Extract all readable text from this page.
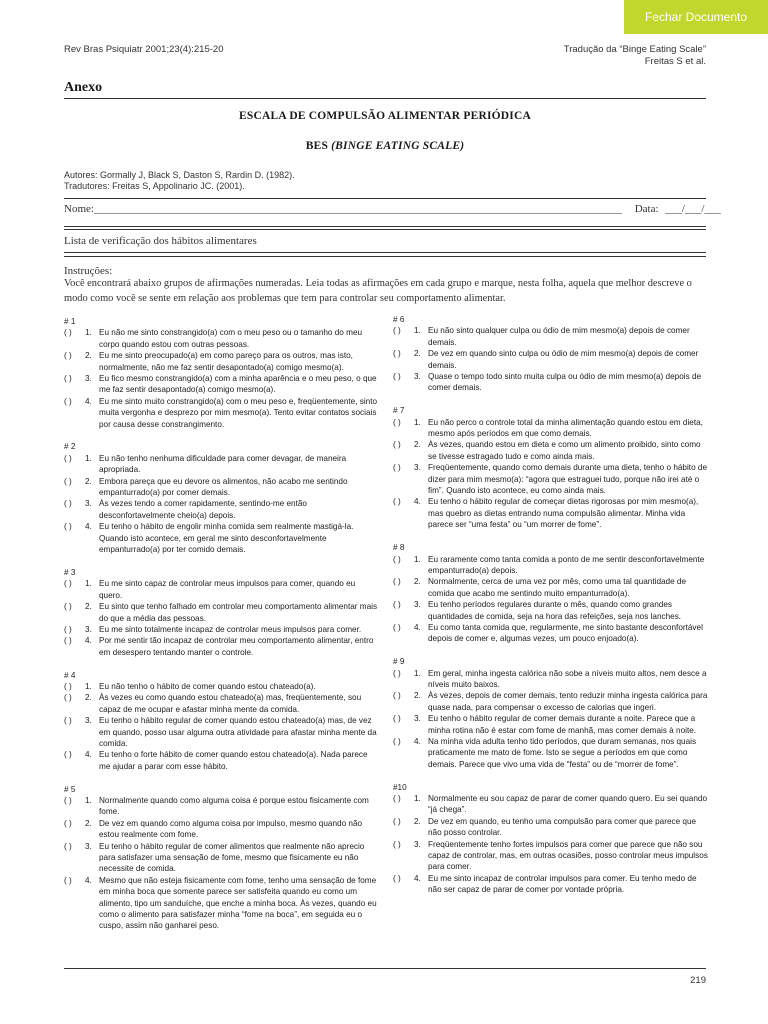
Fechar Documento
Rev Bras Psiquiatr 2001;23(4):215-20	Tradução da “Binge Eating Scale”
Freitas S et al.
Anexo
ESCALA DE COMPULSÃO ALIMENTAR PERIÓDICA
BES (BINGE EATING SCALE)
Autores: Gormally J, Black S, Daston S, Rardin D. (1982).
Tradutores: Freitas S, Appolinario JC. (2001).
Nome:________________________________________________________________________________________________ Data: ___/___/___
Lista de verificação dos hábitos alimentares
Instruções:
Você encontrará abaixo grupos de afirmações numeradas. Leia todas as afirmações em cada grupo e marque, nesta folha, aquela que melhor descreve o modo como você se sente em relação aos problemas que tem para controlar seu comportamento alimentar.
# 1
( )	1. Eu não me sinto constrangido(a) com o meu peso ou o tamanho do meu corpo quando estou com outras pessoas.
( )	2. Eu me sinto preocupado(a) em como pareço para os outros, mas isto, normalmente, não me faz sentir desapontado(a) comigo mesmo(a).
( )	3. Eu fico mesmo constrangido(a) com a minha aparência e o meu peso, o que me faz sentir desapontado(a) comigo mesmo(a).
( )	4. Eu me sinto muito constrangido(a) com o meu peso e, freqüentemente, sinto muita vergonha e desprezo por mim mesmo(a). Tento evitar contatos sociais por causa desse constrangimento.
# 2
( )	1. Eu não tenho nenhuma dificuldade para comer devagar, de maneira apropriada.
( )	2. Embora pareça que eu devore os alimentos, não acabo me sentindo empanturrado(a) por comer demais.
( )	3. Às vezes tendo a comer rapidamente, sentindo-me então desconfortavelmente cheio(a) depois.
( )	4. Eu tenho o hábito de engolir minha comida sem realmente mastigá-la. Quando isto acontece, em geral me sinto desconfortavelmente empanturrado(a) por ter comido demais.
# 3
( )	1. Eu me sinto capaz de controlar meus impulsos para comer, quando eu quero.
( )	2. Eu sinto que tenho falhado em controlar meu comportamento alimentar mais do que a média das pessoas.
( )	3. Eu me sinto totalmente incapaz de controlar meus impulsos para comer.
( )	4. Por me sentir tão incapaz de controlar meu comportamento alimentar, entro em desespero tentando manter o controle.
# 4
( )	1. Eu não tenho o hábito de comer quando estou chateado(a).
( )	2. Às vezes eu como quando estou chateado(a) mas, freqüentemente, sou capaz de me ocupar e afastar minha mente da comida.
( )	3. Eu tenho o hábito regular de comer quando estou chateado(a) mas, de vez em quando, posso usar alguma outra atividade para afastar minha mente da comida.
( )	4. Eu tenho o forte hábito de comer quando estou chateado(a). Nada parece me ajudar a parar com esse hábito.
# 5
( )	1. Normalmente quando como alguma coisa é porque estou fisicamente com fome.
( )	2. De vez em quando como alguma coisa por impulso, mesmo quando não estou realmente com fome.
( )	3. Eu tenho o hábito regular de comer alimentos que realmente não aprecio para satisfazer uma sensação de fome, mesmo que fisicamente eu não necessite de comida.
( )	4. Mesmo que não esteja fisicamente com fome, tenho uma sensação de fome em minha boca que somente parece ser satisfeita quando eu como um alimento, tipo um sanduíche, que enche a minha boca. Às vezes, quando eu como o alimento para satisfazer minha “fome na boca”, em seguida eu o cuspo, assim não ganharei peso.
# 6
( )	1. Eu não sinto qualquer culpa ou ódio de mim mesmo(a) depois de comer demais.
( )	2. De vez em quando sinto culpa ou ódio de mim mesmo(a) depois de comer demais.
( )	3. Quase o tempo todo sinto muita culpa ou ódio de mim mesmo(a) depois de comer demais.
# 7
( )	1. Eu não perco o controle total da minha alimentação quando estou em dieta, mesmo após períodos em que como demais.
( )	2. Às vezes, quando estou em dieta e como um alimento proibido, sinto como se tivesse estragado tudo e como ainda mais.
( )	3. Freqüentemente, quando como demais durante uma dieta, tenho o hábito de dizer para mim mesmo(a): “agora que estraguei tudo, porque não irei até o fim”. Quando isto acontece, eu como ainda mais.
( )	4. Eu tenho o hábito regular de começar dietas rigorosas por mim mesmo(a), mas quebro as dietas entrando numa compulsão alimentar. Minha vida parece ser “uma festa” ou “um morrer de fome”.
# 8
( )	1. Eu raramente como tanta comida a ponto de me sentir desconfortavelmente empanturrado(a) depois.
( )	2. Normalmente, cerca de uma vez por mês, como uma tal quantidade de comida que acabo me sentindo muito empanturrado(a).
( )	3. Eu tenho períodos regulares durante o mês, quando como grandes quantidades de comida, seja na hora das refeições, seja nos lanches.
( )	4. Eu como tanta comida que, regularmente, me sinto bastante desconfortável depois de comer e, algumas vezes, um pouco enjoado(a).
# 9
( )	1. Em geral, minha ingesta calórica não sobe a níveis muito altos, nem desce a níveis muito baixos.
( )	2. Às vezes, depois de comer demais, tento reduzir minha ingesta calórica para quase nada, para compensar o excesso de calorias que ingeri.
( )	3. Eu tenho o hábito regular de comer demais durante a noite. Parece que a minha rotina não é estar com fome de manhã, mas comer demais à noite.
( )	4. Na minha vida adulta tenho tido períodos, que duram semanas, nos quais praticamente me mato de fome. Isto se segue a períodos em que como demais. Parece que vivo uma vida de “festa” ou de “morrer de fome”.
#10
( )	1. Normalmente eu sou capaz de parar de comer quando quero. Eu sei quando “já chega”.
( )	2. De vez em quando, eu tenho uma compulsão para comer que parece que não posso controlar.
( )	3. Freqüentemente tenho fortes impulsos para comer que parece que não sou capaz de controlar, mas, em outras ocasiões, posso controlar meus impulsos para comer.
( )	4. Eu me sinto incapaz de controlar impulsos para comer. Eu tenho medo de não ser capaz de parar de comer por vontade própria.
219
